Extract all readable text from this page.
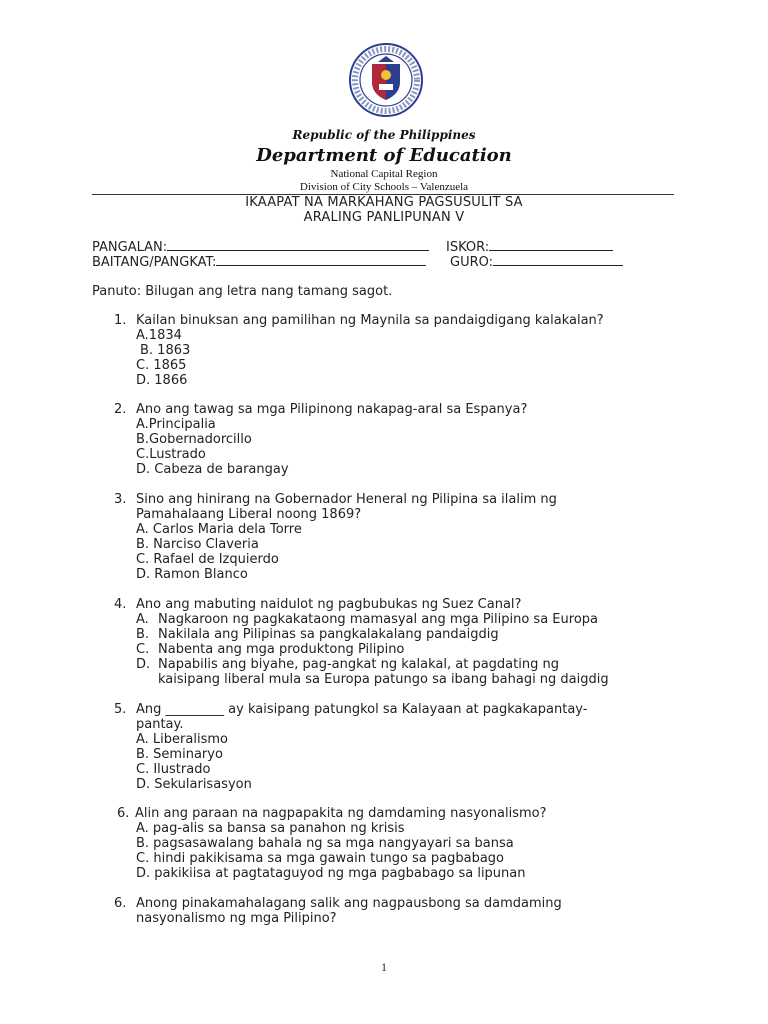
Republic of the Philippines
Department of Education
National Capital Region
Division of City Schools – Valenzuela
IKAAPAT NA MARKAHANG PAGSUSULIT SA
ARALING PANLIPUNAN V
PANGALAN:	ISKOR:
BAITANG/PANGKAT:	GURO:
Panuto: Bilugan ang letra nang tamang sagot.
1. Kailan binuksan ang pamilihan ng Maynila sa pandaigdigang kalakalan?
A.1834
B. 1863
C. 1865
D. 1866
2. Ano ang tawag sa mga Pilipinong nakapag-aral sa Espanya?
A.Principalia
B.Gobernadorcillo
C.Lustrado
D. Cabeza de barangay
3. Sino ang hinirang na Gobernador Heneral ng Pilipina sa ilalim ng
Pamahalaang Liberal noong 1869?
A. Carlos Maria dela Torre
B. Narciso Claveria
C. Rafael de Izquierdo
D. Ramon Blanco
4. Ano ang mabuting naidulot ng pagbubukas ng Suez Canal?
A. Nagkaroon ng pagkakataong mamasyal ang mga Pilipino sa Europa
B. Nakilala ang Pilipinas sa pangkalakalang pandaigdig
C. Nabenta ang mga produktong Pilipino
D. Napabilis ang biyahe, pag-angkat ng kalakal, at pagdating ng
kaisipang liberal mula sa Europa patungo sa ibang bahagi ng daigdig
5. Ang _________ ay kaisipang patungkol sa Kalayaan at pagkakapantay-
pantay.
A. Liberalismo
B. Seminaryo
C. Ilustrado
D. Sekularisasyon
6. Alin ang paraan na nagpapakita ng damdaming nasyonalismo?
A. pag-alis sa bansa sa panahon ng krisis
B. pagsasawalang bahala ng sa mga nangyayari sa bansa
C. hindi pakikisama sa mga gawain tungo sa pagbabago
D. pakikiisa at pagtataguyod ng mga pagbabago sa lipunan
6. Anong pinakamahalagang salik ang nagpausbong sa damdaming
nasyonalismo ng mga Pilipino?
1
